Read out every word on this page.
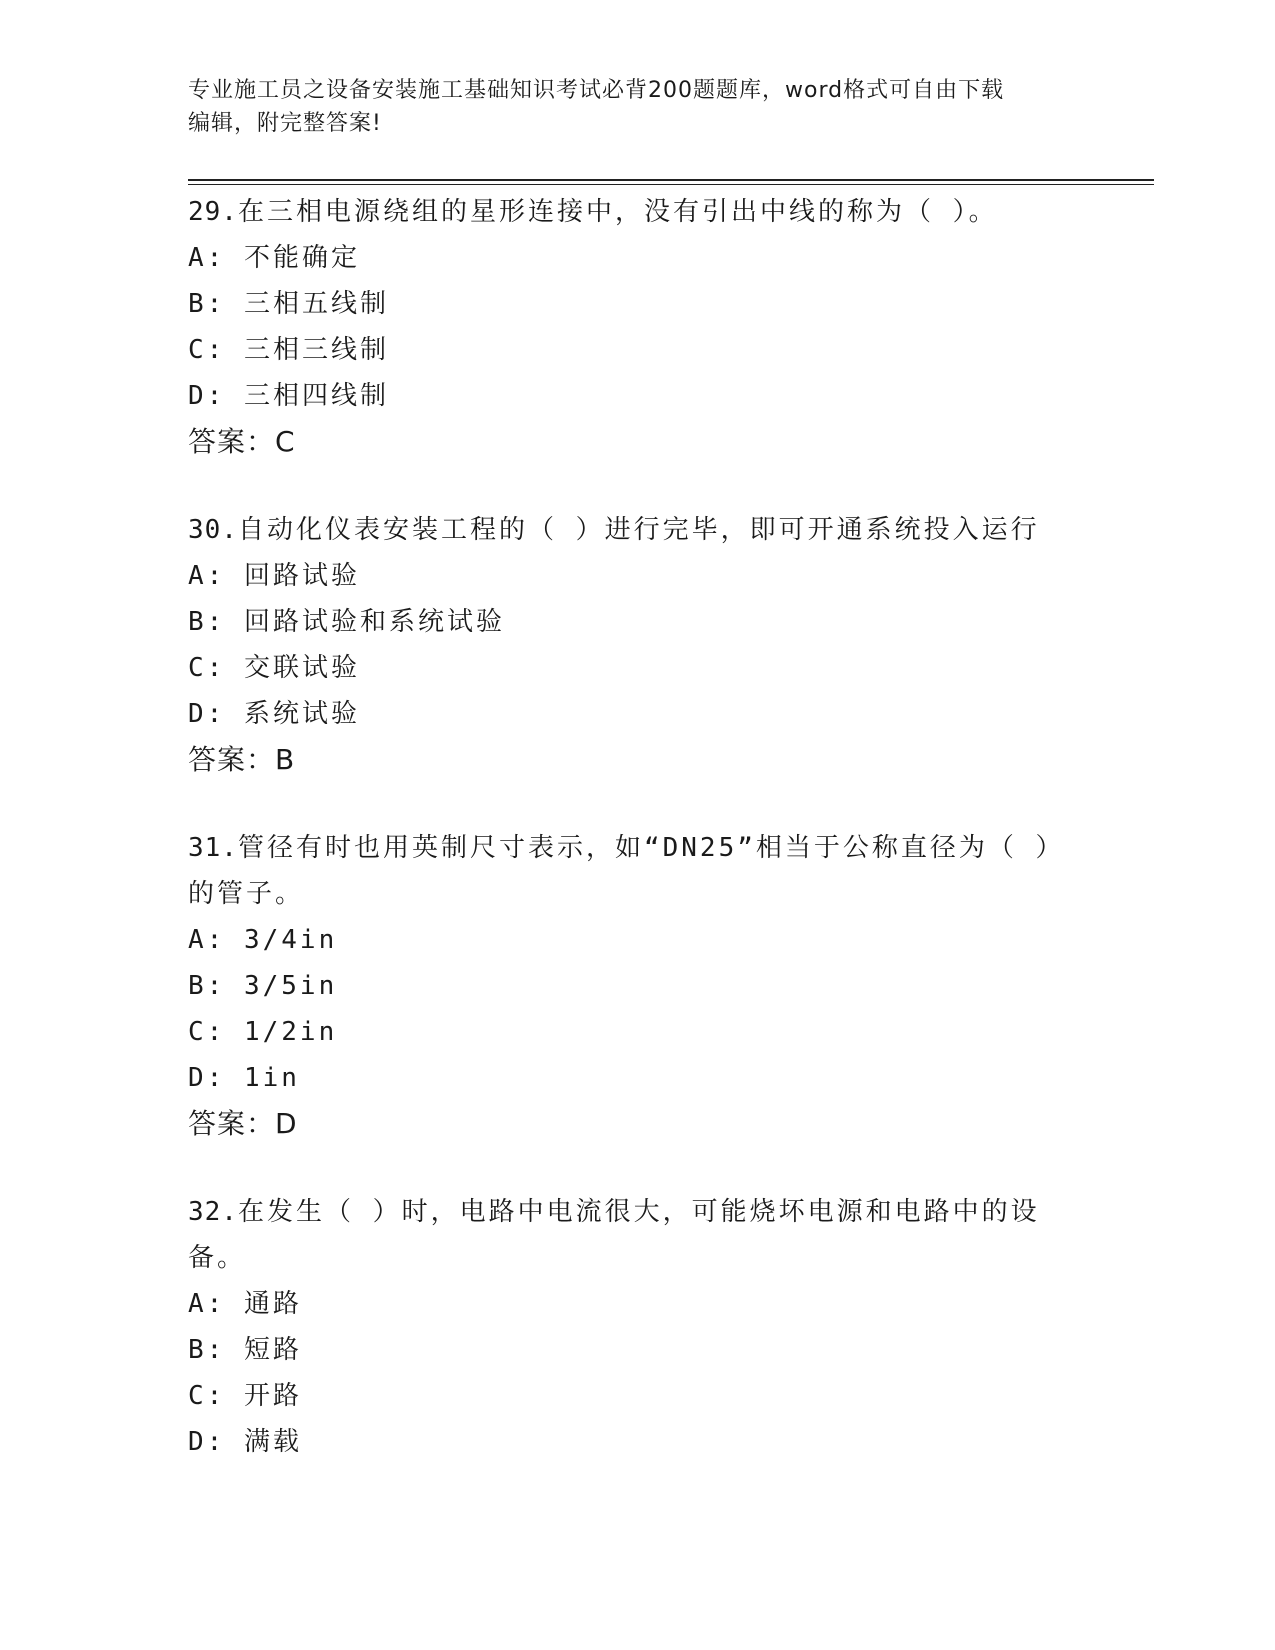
专业施工员之设备安装施工基础知识考试必背200题题库，word格式可自由下载
编辑，附完整答案!
29.在三相电源绕组的星形连接中，没有引出中线的称为（ ）。
A: 不能确定
B: 三相五线制
C: 三相三线制
D: 三相四线制
答案：C
30.自动化仪表安装工程的（ ）进行完毕，即可开通系统投入运行
A: 回路试验
B: 回路试验和系统试验
C: 交联试验
D: 系统试验
答案：B
31.管径有时也用英制尺寸表示，如“DN25”相当于公称直径为（ ）的管子。
A: 3/4in
B: 3/5in
C: 1/2in
D: 1in
答案：D
32.在发生（ ）时，电路中电流很大，可能烧坏电源和电路中的设备。
A: 通路
B: 短路
C: 开路
D: 满载
